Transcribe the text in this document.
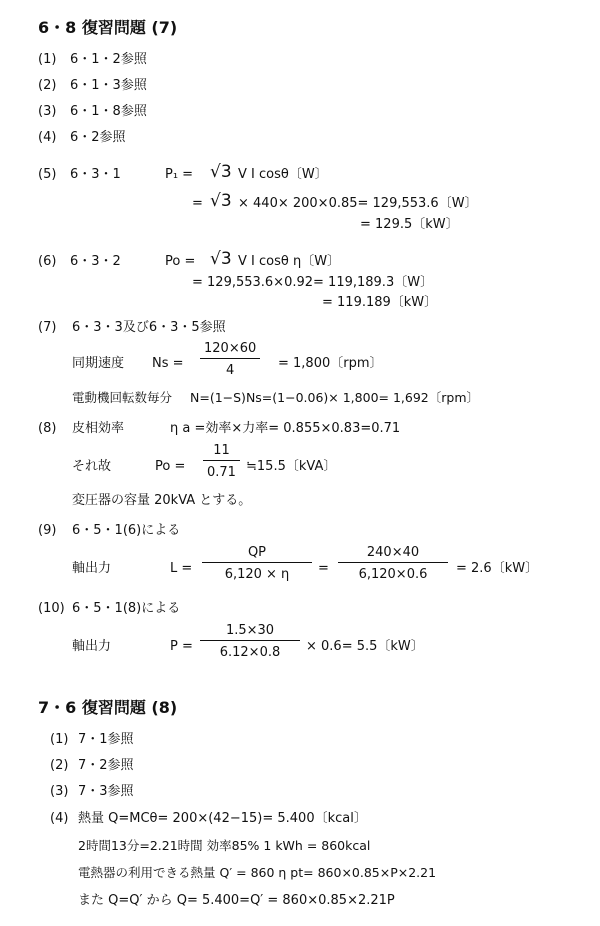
6・8 復習問題 (7)
(1) 6・1・2参照
(2) 6・1・3参照
(3) 6・1・8参照
(4) 6・2参照
(5) 6・3・1	P₁ = √3 V I cosθ〔W〕
= √3 × 440× 200×0.85= 129,553.6〔W〕
= 129.5〔kW〕
(6) 6・3・2	Po = √3 V I cosθ η〔W〕
= 129,553.6×0.92= 119,189.3〔W〕
= 119.189〔kW〕
(7) 6・3・3及び6・3・5参照
同期速度 Ns =
120×60
4	= 1,800〔rpm〕
電動機回転数毎分 N=(1−S)Ns=(1−0.06)× 1,800= 1,692〔rpm〕
(8) 皮相効率	η a =効率×力率= 0.855×0.83=0.71
それ故	Po =
11
0.71 ≒15.5〔kVA〕
変圧器の容量 20kVA とする。
(9) 6・5・1(6)による
軸出力	L =
QP
6,120 × η	=
240×40
6,120×0.6	= 2.6〔kW〕
(10) 6・5・1(8)による
軸出力	P =
1.5×30
6.12×0.8	× 0.6= 5.5〔kW〕
7・6 復習問題 (8)
(1) 7・1参照
(2) 7・2参照
(3) 7・3参照
(4) 熱量 Q=MCθ= 200×(42−15)= 5.400〔kcal〕
2時間13分=2.21時間 効率85% 1 kWh = 860kcal
電熱器の利用できる熱量 Q′ = 860 η pt= 860×0.85×P×2.21
また Q=Q′ から Q= 5.400=Q′ = 860×0.85×2.21P
